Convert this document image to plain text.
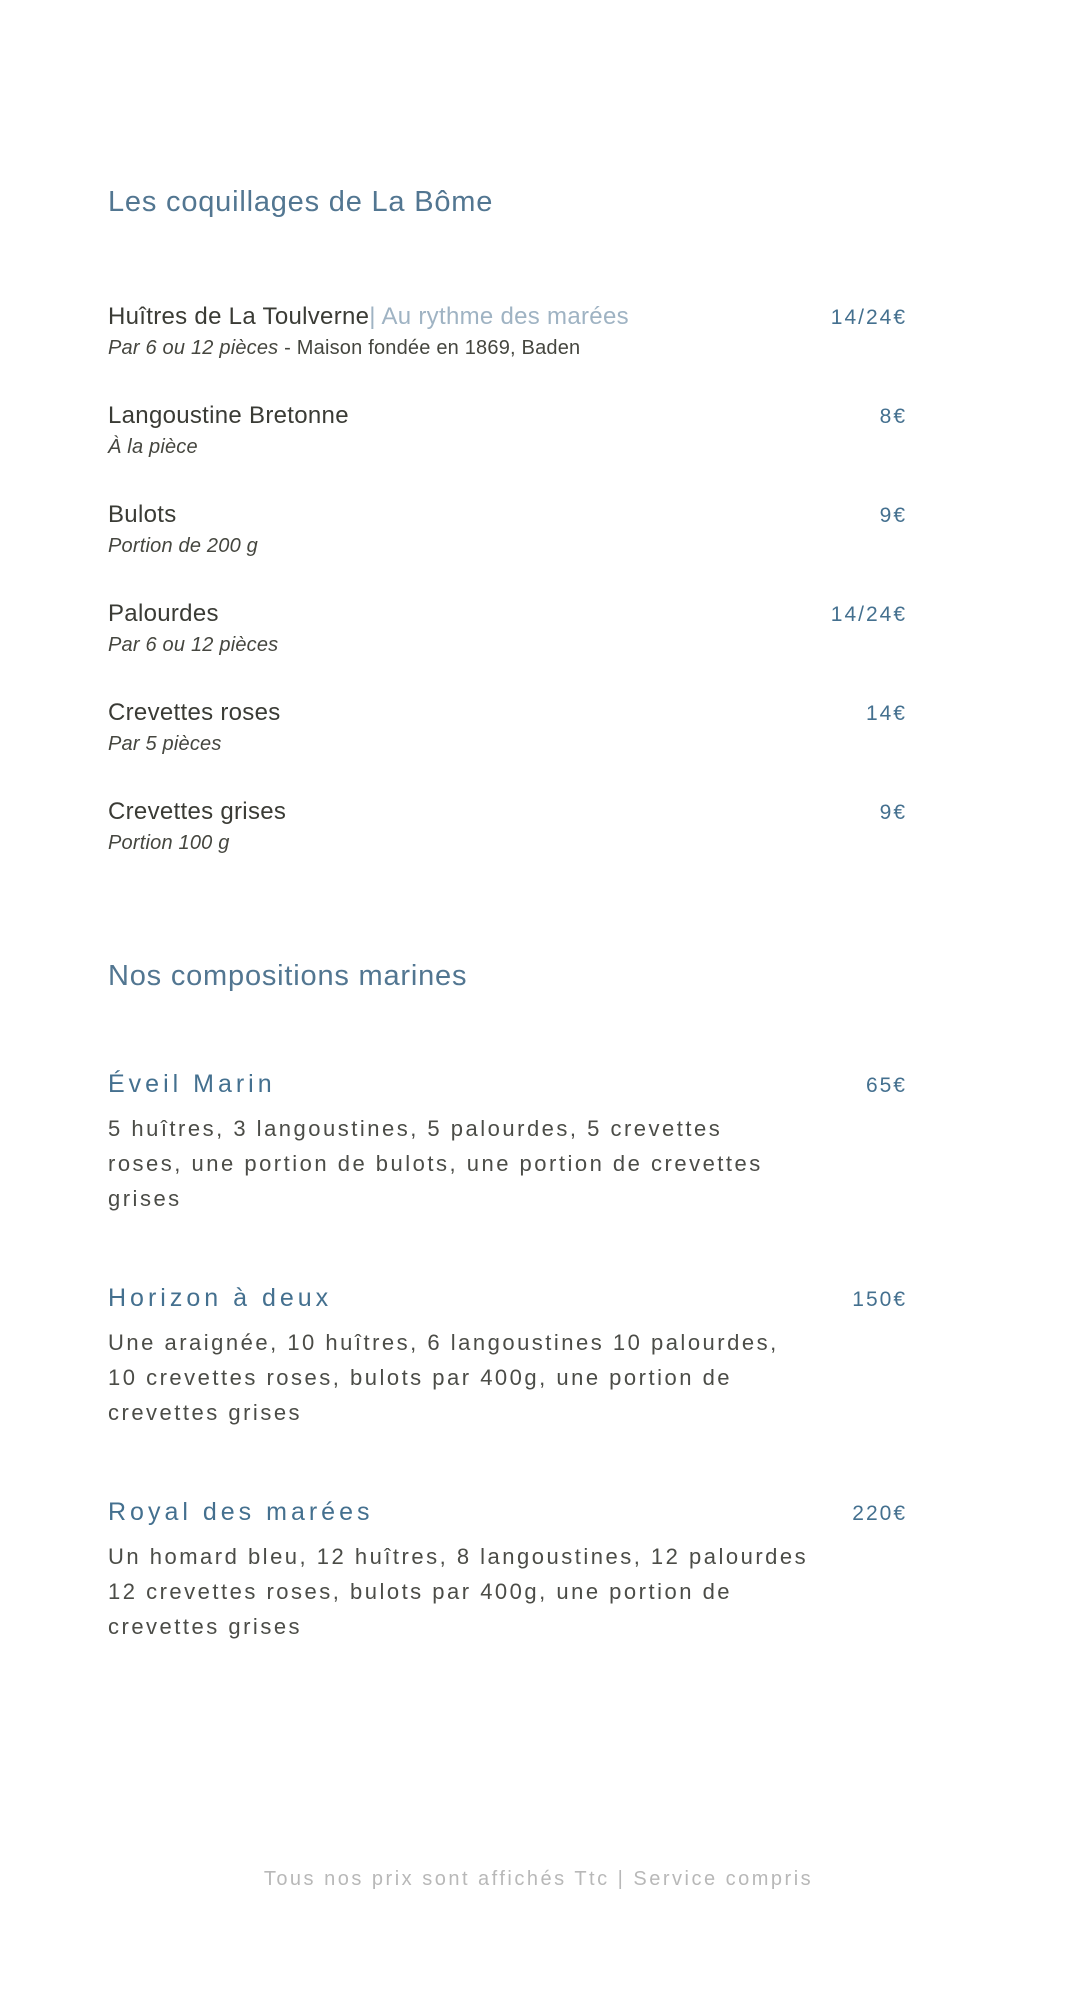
Les coquillages de La Bôme
Huîtres de La Toulverne| Au rythme des marées	14/24€
Par 6 ou 12 pièces - Maison fondée en 1869, Baden
Langoustine Bretonne	8€
À la pièce
Bulots	9€
Portion de 200 g
Palourdes	14/24€
Par 6 ou 12 pièces
Crevettes roses	14€
Par 5 pièces
Crevettes grises	9€
Portion 100 g
Nos compositions marines
Éveil Marin	65€
5 huîtres, 3 langoustines, 5 palourdes, 5 crevettes
roses, une portion de bulots, une portion de crevettes
grises
Horizon à deux	150€
Une araignée, 10 huîtres, 6 langoustines 10 palourdes,
10 crevettes roses, bulots par 400g, une portion de
crevettes grises
Royal des marées	220€
Un homard bleu, 12 huîtres, 8 langoustines, 12 palourdes
12 crevettes roses, bulots par 400g, une portion de
crevettes grises
Tous nos prix sont affichés Ttc | Service compris
